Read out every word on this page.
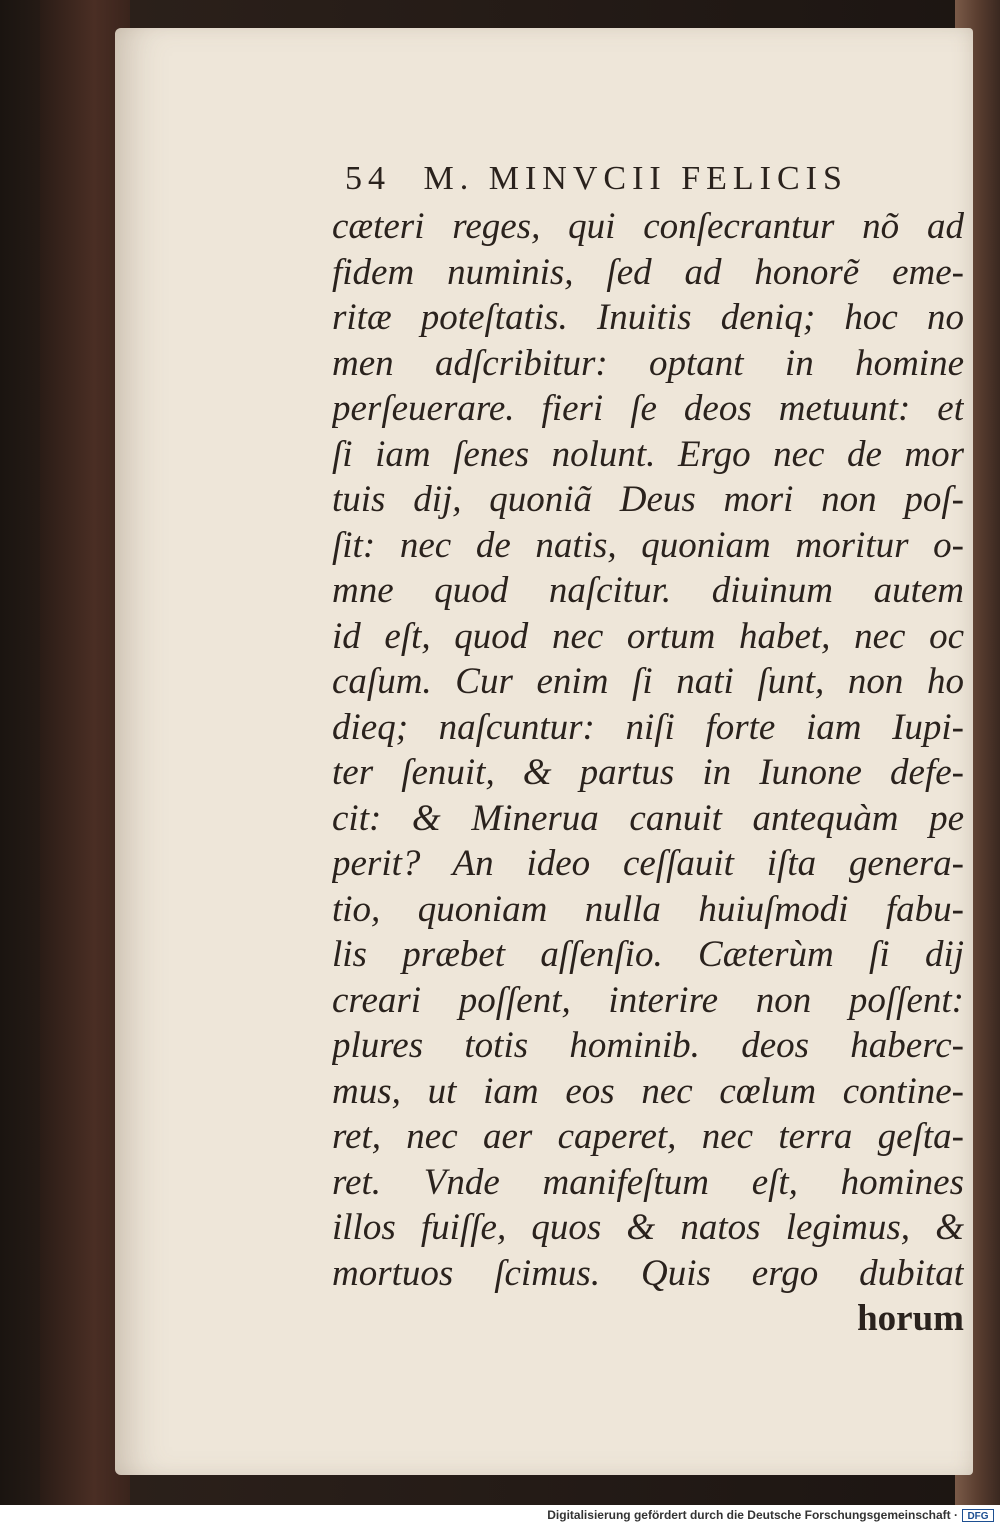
54 M. MINVCII FELICIS
cæteri reges, qui conſecrantur nõ ad
fidem numinis, ſed ad honorẽ eme-
ritæ poteſtatis. Inuitis deniq; hoc no
men adſcribitur: optant in homine
perſeuerare. fieri ſe deos metuunt: et
ſi iam ſenes nolunt. Ergo nec de mor
tuis dij, quoniã Deus mori non poſ-
ſit: nec de natis, quoniam moritur o-
mne quod naſcitur. diuinum autem
id eſt, quod nec ortum habet, nec oc
caſum. Cur enim ſi nati ſunt, non ho
dieq; naſcuntur: niſi forte iam Iupi-
ter ſenuit, & partus in Iunone defe-
cit: & Minerua canuit antequàm pe
perit? An ideo ceſſauit iſta genera-
tio, quoniam nulla huiuſmodi fabu-
lis præbet aſſenſio. Cæterùm ſi dij
creari poſſent, interire non poſſent:
plures totis hominib. deos haberc-
mus, ut iam eos nec cœlum contine-
ret, nec aer caperet, nec terra geſta-
ret. Vnde manifeſtum eſt, homines
illos fuiſſe, quos & natos legimus, &
mortuos ſcimus. Quis ergo dubitat
horum
Digitalisierung gefördert durch die Deutsche Forschungsgemeinschaft · DFG
